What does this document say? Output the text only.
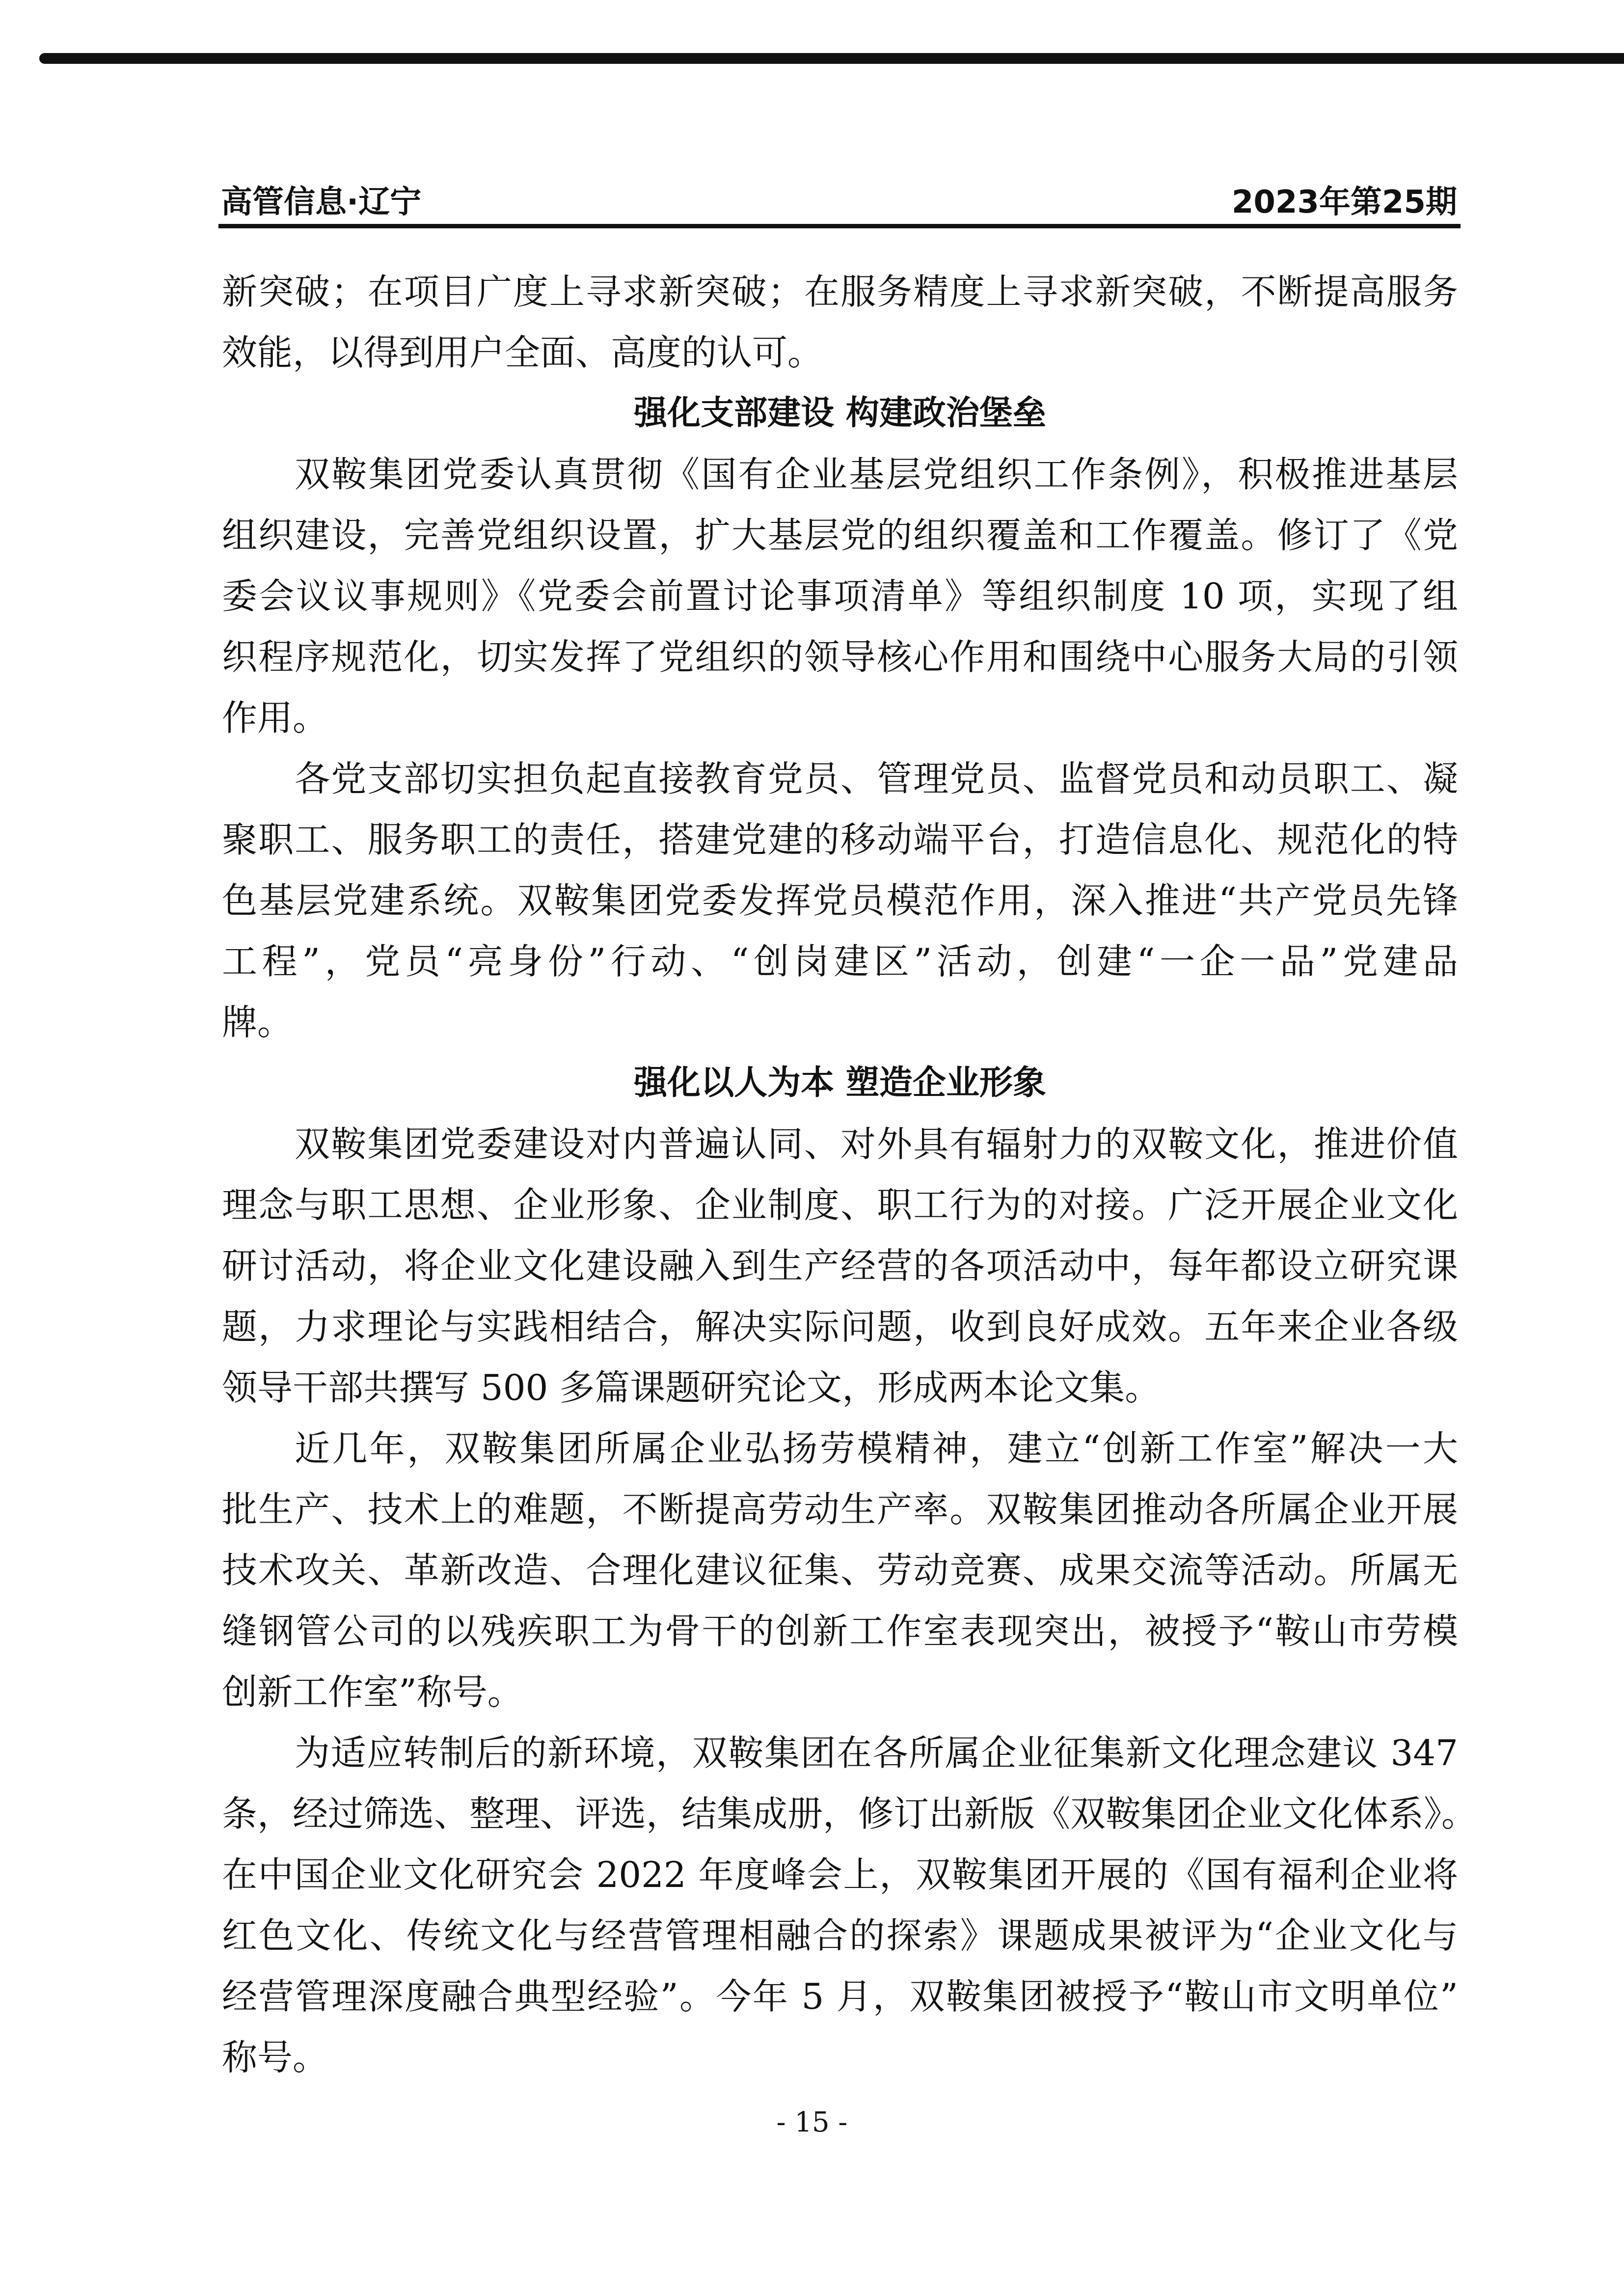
高管信息·辽宁	2023年第25期
新突破；在项目广度上寻求新突破；在服务精度上寻求新突破，不断提高服务
效能，以得到用户全面、高度的认可。
强化支部建设 构建政治堡垒
双鞍集团党委认真贯彻《国有企业基层党组织工作条例》，积极推进基层
组织建设，完善党组织设置，扩大基层党的组织覆盖和工作覆盖。修订了《党
委会议议事规则》《党委会前置讨论事项清单》等组织制度 10 项，实现了组
织程序规范化，切实发挥了党组织的领导核心作用和围绕中心服务大局的引领
作用。
各党支部切实担负起直接教育党员、管理党员、监督党员和动员职工、凝
聚职工、服务职工的责任，搭建党建的移动端平台，打造信息化、规范化的特
色基层党建系统。双鞍集团党委发挥党员模范作用，深入推进“共产党员先锋
工程”，党员“亮身份”行动、“创岗建区”活动，创建“一企一品”党建品
牌。
强化以人为本 塑造企业形象
双鞍集团党委建设对内普遍认同、对外具有辐射力的双鞍文化，推进价值
理念与职工思想、企业形象、企业制度、职工行为的对接。广泛开展企业文化
研讨活动，将企业文化建设融入到生产经营的各项活动中，每年都设立研究课
题，力求理论与实践相结合，解决实际问题，收到良好成效。五年来企业各级
领导干部共撰写 500 多篇课题研究论文，形成两本论文集。
近几年，双鞍集团所属企业弘扬劳模精神，建立“创新工作室”解决一大
批生产、技术上的难题，不断提高劳动生产率。双鞍集团推动各所属企业开展
技术攻关、革新改造、合理化建议征集、劳动竞赛、成果交流等活动。所属无
缝钢管公司的以残疾职工为骨干的创新工作室表现突出，被授予“鞍山市劳模
创新工作室”称号。
为适应转制后的新环境，双鞍集团在各所属企业征集新文化理念建议 347
条，经过筛选、整理、评选，结集成册，修订出新版《双鞍集团企业文化体系》。
在中国企业文化研究会 2022 年度峰会上，双鞍集团开展的《国有福利企业将
红色文化、传统文化与经营管理相融合的探索》课题成果被评为“企业文化与
经营管理深度融合典型经验”。今年 5 月，双鞍集团被授予“鞍山市文明单位”
称号。
- 15 -
